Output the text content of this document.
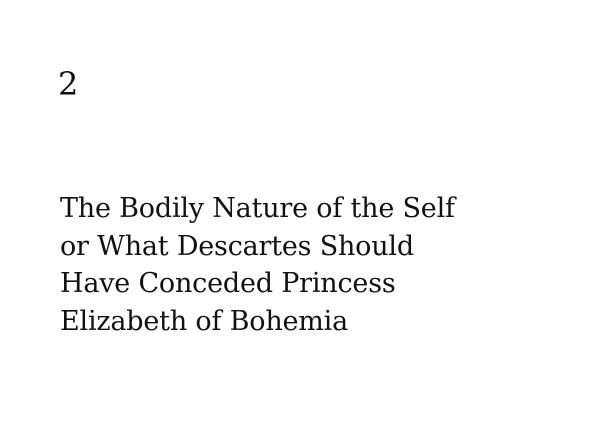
2
The Bodily Nature of the Self
or What Descartes Should
Have Conceded Princess
Elizabeth of Bohemia
